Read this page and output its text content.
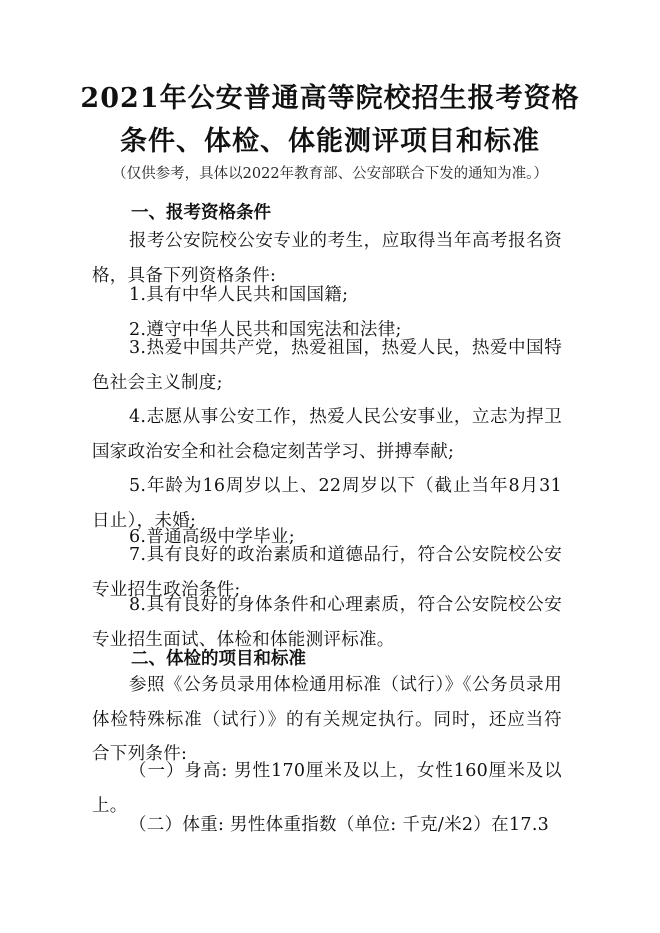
2021年公安普通高等院校招生报考资格
条件、体检、体能测评项目和标准
（仅供参考，具体以2022年教育部、公安部联合下发的通知为准。）
一、报考资格条件
报考公安院校公安专业的考生，应取得当年高考报名资格，具备下列资格条件:
1.具有中华人民共和国国籍;
2.遵守中华人民共和国宪法和法律;
3.热爱中国共产党，热爱祖国，热爱人民，热爱中国特色社会主义制度;
4.志愿从事公安工作，热爱人民公安事业，立志为捍卫国家政治安全和社会稳定刻苦学习、拼搏奉献;
5.年龄为16周岁以上、22周岁以下（截止当年8月31日止），未婚;
6.普通高级中学毕业;
7.具有良好的政治素质和道德品行，符合公安院校公安专业招生政治条件;
8.具有良好的身体条件和心理素质，符合公安院校公安专业招生面试、体检和体能测评标准。
二、体检的项目和标准
参照《公务员录用体检通用标准（试行）》《公务员录用体检特殊标准（试行）》的有关规定执行。同时，还应当符合下列条件:
（一）身高: 男性170厘米及以上，女性160厘米及以上。
（二）体重: 男性体重指数（单位: 千克/米2）在17.3
